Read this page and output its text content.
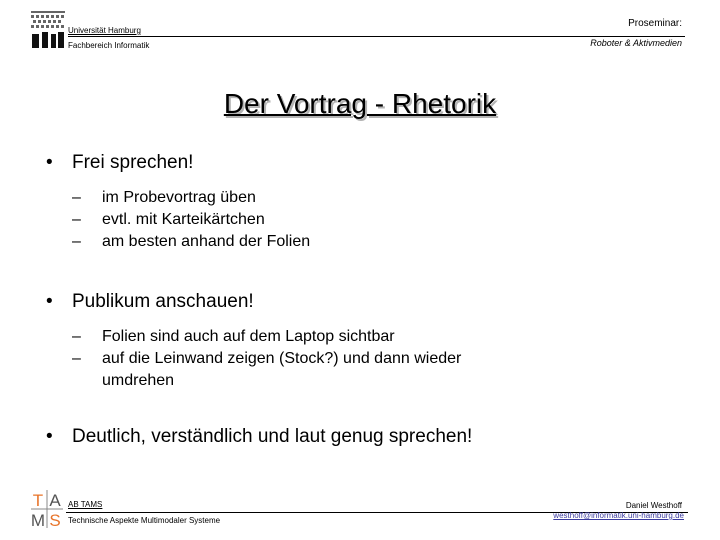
Universität Hamburg
Fachbereich Informatik
Proseminar:
Roboter & Aktivmedien
Der Vortrag - Rhetorik
• Frei sprechen!
– im Probevortrag üben
– evtl. mit Karteikärtchen
– am besten anhand der Folien
• Publikum anschauen!
– Folien sind auch auf dem Laptop sichtbar
– auf die Leinwand zeigen (Stock?) und dann wieder
umdrehen
• Deutlich, verständlich und laut genug sprechen!
T A
M S
AB TAMS
Technische Aspekte Multimodaler Systeme
Daniel Westhoff
westhoff@informatik.uni-hamburg.de
